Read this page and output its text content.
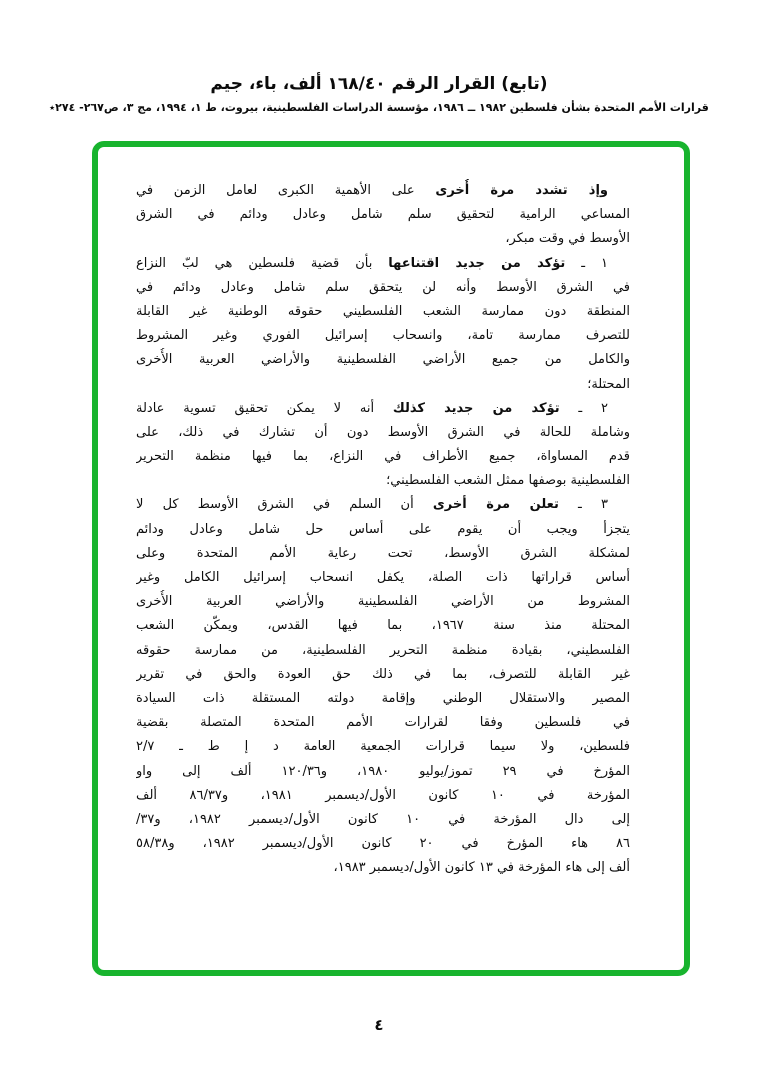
(تابع) القرار الرقم ١٦٨/٤٠ ألف، باء، جيم
قرارات الأمم المتحدة بشأن فلسطين ١٩٨٢ ــ ١٩٨٦، مؤسسة الدراسات الفلسطينية، بيروت، ط ١، ١٩٩٤، مج ٣، ص٢٦٧- ٢٧٤٭
وإذ تشدد مرة أُخرى على الأهمية الكبرى لعامل الزمن في
المساعي الرامية لتحقيق سلم شامل وعادل ودائم في الشرق
الأوسط في وقت مبكر،
١ ـ تؤكد من جديد اقتناعها بأن قضية فلسطين هي لبّ النزاع
في الشرق الأوسط وأنه لن يتحقق سلم شامل وعادل ودائم في
المنطقة دون ممارسة الشعب الفلسطيني حقوقه الوطنية غير القابلة
للتصرف ممارسة تامة، وانسحاب إسرائيل الفوري وغير المشروط
والكامل من جميع الأراضي الفلسطينية والأراضي العربية الأُخرى
المحتلة؛
٢ ـ تؤكد من جديد كذلك أنه لا يمكن تحقيق تسوية عادلة
وشاملة للحالة في الشرق الأوسط دون أن تشارك في ذلك، على
قدم المساواة، جميع الأطراف في النزاع، بما فيها منظمة التحرير
الفلسطينية بوصفها ممثل الشعب الفلسطيني؛
٣ ـ تعلن مرة أخرى أن السلم في الشرق الأوسط كل لا
يتجزأ ويجب أن يقوم على أساس حل شامل وعادل ودائم
لمشكلة الشرق الأوسط، تحت رعاية الأمم المتحدة وعلى
أساس قراراتها ذات الصلة، يكفل انسحاب إسرائيل الكامل وغير
المشروط من الأراضي الفلسطينية والأراضي العربية الأُخرى
المحتلة منذ سنة ١٩٦٧، بما فيها القدس، ويمكّن الشعب
الفلسطيني، بقيادة منظمة التحرير الفلسطينية، من ممارسة حقوقه
غير القابلة للتصرف، بما في ذلك حق العودة والحق في تقرير
المصير والاستقلال الوطني وإقامة دولته المستقلة ذات السيادة
في فلسطين وفقا لقرارات الأمم المتحدة المتصلة بقضية
فلسطين، ولا سيما قرارات الجمعية العامة د إ ط ـ ٢/٧
المؤرخ في ٢٩ تموز/يوليو ١٩٨٠، و١٢٠/٣٦ ألف إلى واو
المؤرخة في ١٠ كانون الأول/ديسمبر ١٩٨١، و٨٦/٣٧ ألف
إلى دال المؤرخة في ١٠ كانون الأول/ديسمبر ١٩٨٢، و٣٧/
٨٦ هاء المؤرخ في ٢٠ كانون الأول/ديسمبر ١٩٨٢، و٥٨/٣٨
ألف إلى هاء المؤرخة في ١٣ كانون الأول/ديسمبر ١٩٨٣،
٤
